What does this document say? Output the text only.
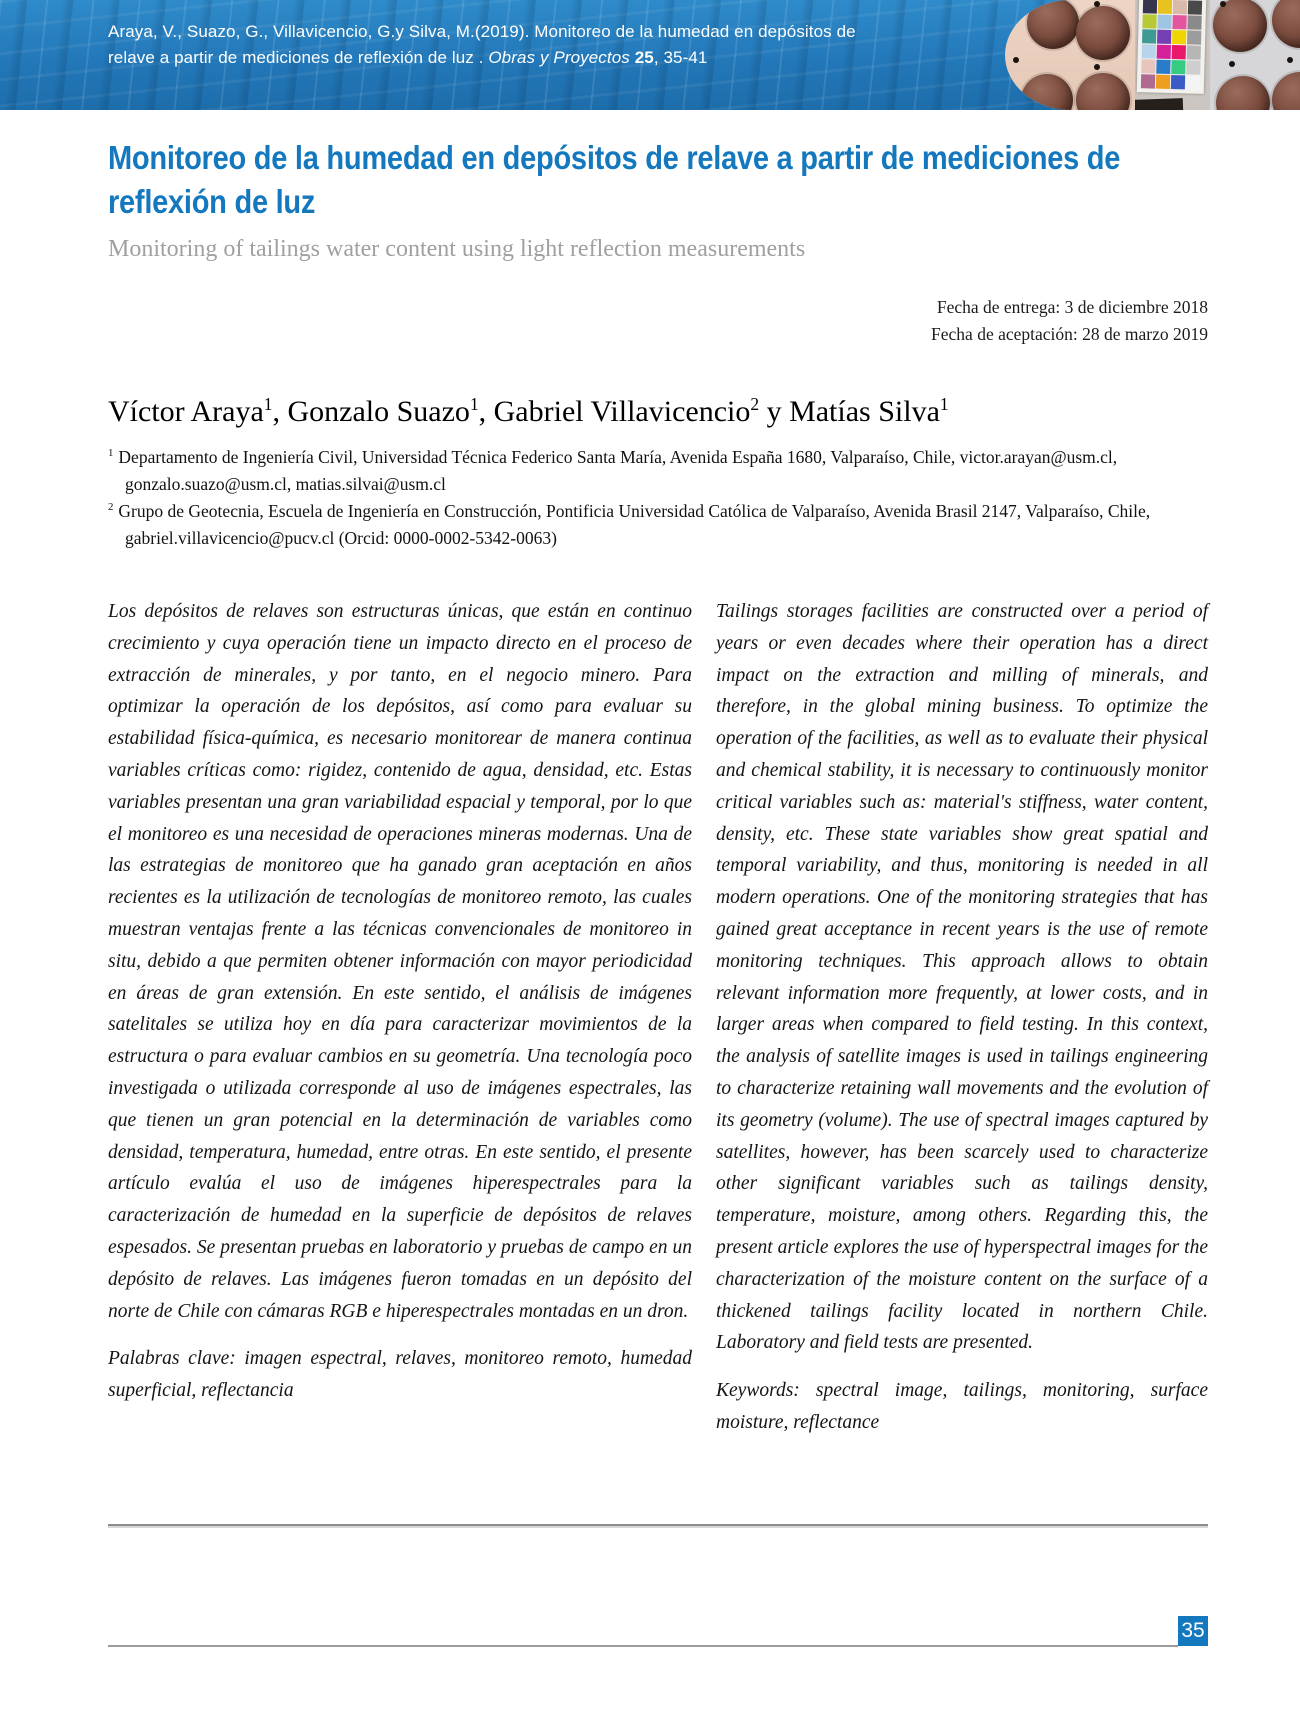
Araya, V., Suazo, G., Villavicencio, G.y Silva, M.(2019). Monitoreo de la humedad en depósitos de
relave a partir de mediciones de reflexión de luz . Obras y Proyectos 25, 35-41
Monitoreo de la humedad en depósitos de relave a partir de mediciones de
reflexión de luz
Monitoring of tailings water content using light reflection measurements
Fecha de entrega: 3 de diciembre 2018
Fecha de aceptación: 28 de marzo 2019
Víctor Araya$^1$, Gonzalo Suazo$^1$, Gabriel Villavicencio$^2$ y Matías Silva$^1$
$^1$ Departamento de Ingeniería Civil, Universidad Técnica Federico Santa María, Avenida España 1680, Valparaíso, Chile, victor.arayan@usm.cl, gonzalo.suazo@usm.cl, matias.silvai@usm.cl
$^2$ Grupo de Geotecnia, Escuela de Ingeniería en Construcción, Pontificia Universidad Católica de Valparaíso, Avenida Brasil 2147, Valparaíso, Chile, gabriel.villavicencio@pucv.cl (Orcid: 0000-0002-5342-0063)

Los depósitos de relaves son estructuras únicas, que están en continuo crecimiento y cuya operación tiene un impacto directo en el proceso de extracción de minerales, y por tanto, en el negocio minero. Para optimizar la operación de los depósitos, así como para evaluar su estabilidad física-química, es necesario monitorear de manera continua variables críticas como: rigidez, contenido de agua, densidad, etc. Estas variables presentan una gran variabilidad espacial y temporal, por lo que el monitoreo es una necesidad de operaciones mineras modernas. Una de las estrategias de monitoreo que ha ganado gran aceptación en años recientes es la utilización de tecnologías de monitoreo remoto, las cuales muestran ventajas frente a las técnicas convencionales de monitoreo in situ, debido a que permiten obtener información con mayor periodicidad en áreas de gran extensión. En este sentido, el análisis de imágenes satelitales se utiliza hoy en día para caracterizar movimientos de la estructura o para evaluar cambios en su geometría. Una tecnología poco investigada o utilizada corresponde al uso de imágenes espectrales, las que tienen un gran potencial en la determinación de variables como densidad, temperatura, humedad, entre otras. En este sentido, el presente artículo evalúa el uso de imágenes hiperespectrales para la caracterización de humedad en la superficie de depósitos de relaves espesados. Se presentan pruebas en laboratorio y pruebas de campo en un depósito de relaves. Las imágenes fueron tomadas en un depósito del norte de Chile con cámaras RGB e hiperespectrales montadas en un dron.

Palabras clave: imagen espectral, relaves, monitoreo remoto, humedad superficial, reflectancia

Tailings storages facilities are constructed over a period of years or even decades where their operation has a direct impact on the extraction and milling of minerals, and therefore, in the global mining business. To optimize the operation of the facilities, as well as to evaluate their physical and chemical stability, it is necessary to continuously monitor critical variables such as: material's stiffness, water content, density, etc. These state variables show great spatial and temporal variability, and thus, monitoring is needed in all modern operations. One of the monitoring strategies that has gained great acceptance in recent years is the use of remote monitoring techniques. This approach allows to obtain relevant information more frequently, at lower costs, and in larger areas when compared to field testing. In this context, the analysis of satellite images is used in tailings engineering to characterize retaining wall movements and the evolution of its geometry (volume). The use of spectral images captured by satellites, however, has been scarcely used to characterize other significant variables such as tailings density, temperature, moisture, among others. Regarding this, the present article explores the use of hyperspectral images for the characterization of the moisture content on the surface of a thickened tailings facility located in northern Chile. Laboratory and field tests are presented.

Keywords: spectral image, tailings, monitoring, surface moisture, reflectance

35
